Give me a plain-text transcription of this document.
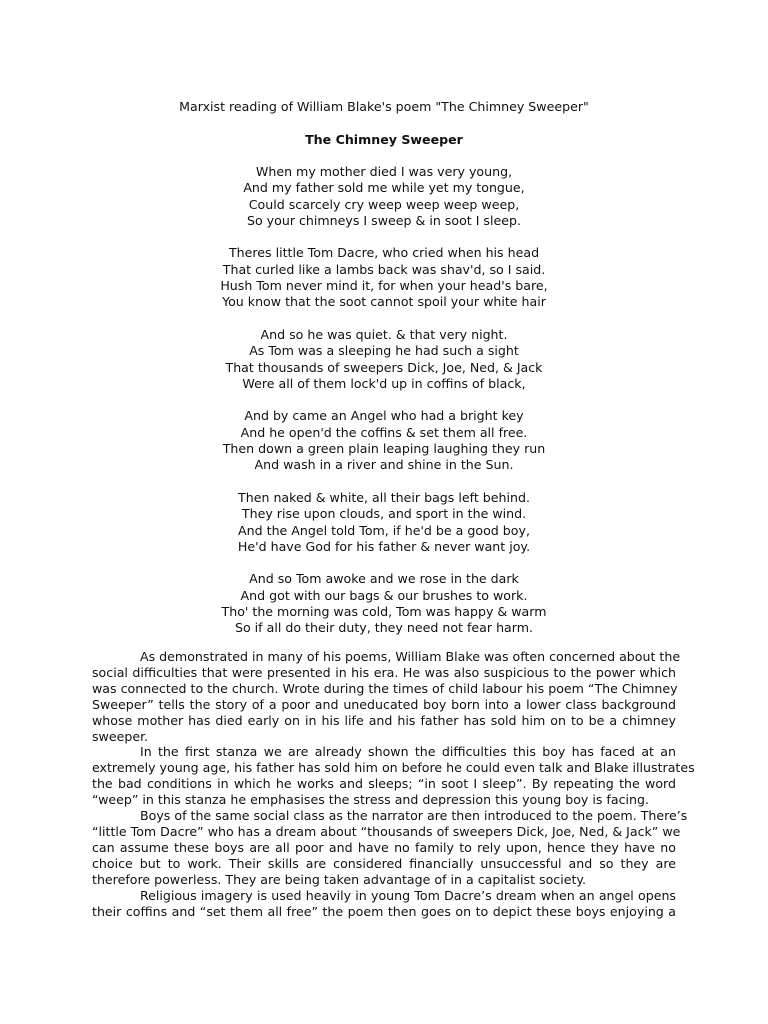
Marxist reading of William Blake's poem "The Chimney Sweeper"
The Chimney Sweeper
When my mother died I was very young,
And my father sold me while yet my tongue,
Could scarcely cry weep weep weep weep,
So your chimneys I sweep & in soot I sleep.
Theres little Tom Dacre, who cried when his head
That curled like a lambs back was shav'd, so I said.
Hush Tom never mind it, for when your head's bare,
You know that the soot cannot spoil your white hair
And so he was quiet. & that very night.
As Tom was a sleeping he had such a sight
That thousands of sweepers Dick, Joe, Ned, & Jack
Were all of them lock'd up in coffins of black,
And by came an Angel who had a bright key
And he open'd the coffins & set them all free.
Then down a green plain leaping laughing they run
And wash in a river and shine in the Sun.
Then naked & white, all their bags left behind.
They rise upon clouds, and sport in the wind.
And the Angel told Tom, if he'd be a good boy,
He'd have God for his father & never want joy.
And so Tom awoke and we rose in the dark
And got with our bags & our brushes to work.
Tho' the morning was cold, Tom was happy & warm
So if all do their duty, they need not fear harm.
As demonstrated in many of his poems, William Blake was often concerned about the
social difficulties that were presented in his era. He was also suspicious to the power which
was connected to the church. Wrote during the times of child labour his poem “The Chimney
Sweeper” tells the story of a poor and uneducated boy born into a lower class background
whose mother has died early on in his life and his father has sold him on to be a chimney
sweeper.
In the first stanza we are already shown the difficulties this boy has faced at an
extremely young age, his father has sold him on before he could even talk and Blake illustrates
the bad conditions in which he works and sleeps; “in soot I sleep”. By repeating the word
“weep” in this stanza he emphasises the stress and depression this young boy is facing.
Boys of the same social class as the narrator are then introduced to the poem. There’s
“little Tom Dacre” who has a dream about “thousands of sweepers Dick, Joe, Ned, & Jack” we
can assume these boys are all poor and have no family to rely upon, hence they have no
choice but to work. Their skills are considered financially unsuccessful and so they are
therefore powerless. They are being taken advantage of in a capitalist society.
Religious imagery is used heavily in young Tom Dacre’s dream when an angel opens
their coffins and “set them all free” the poem then goes on to depict these boys enjoying a
